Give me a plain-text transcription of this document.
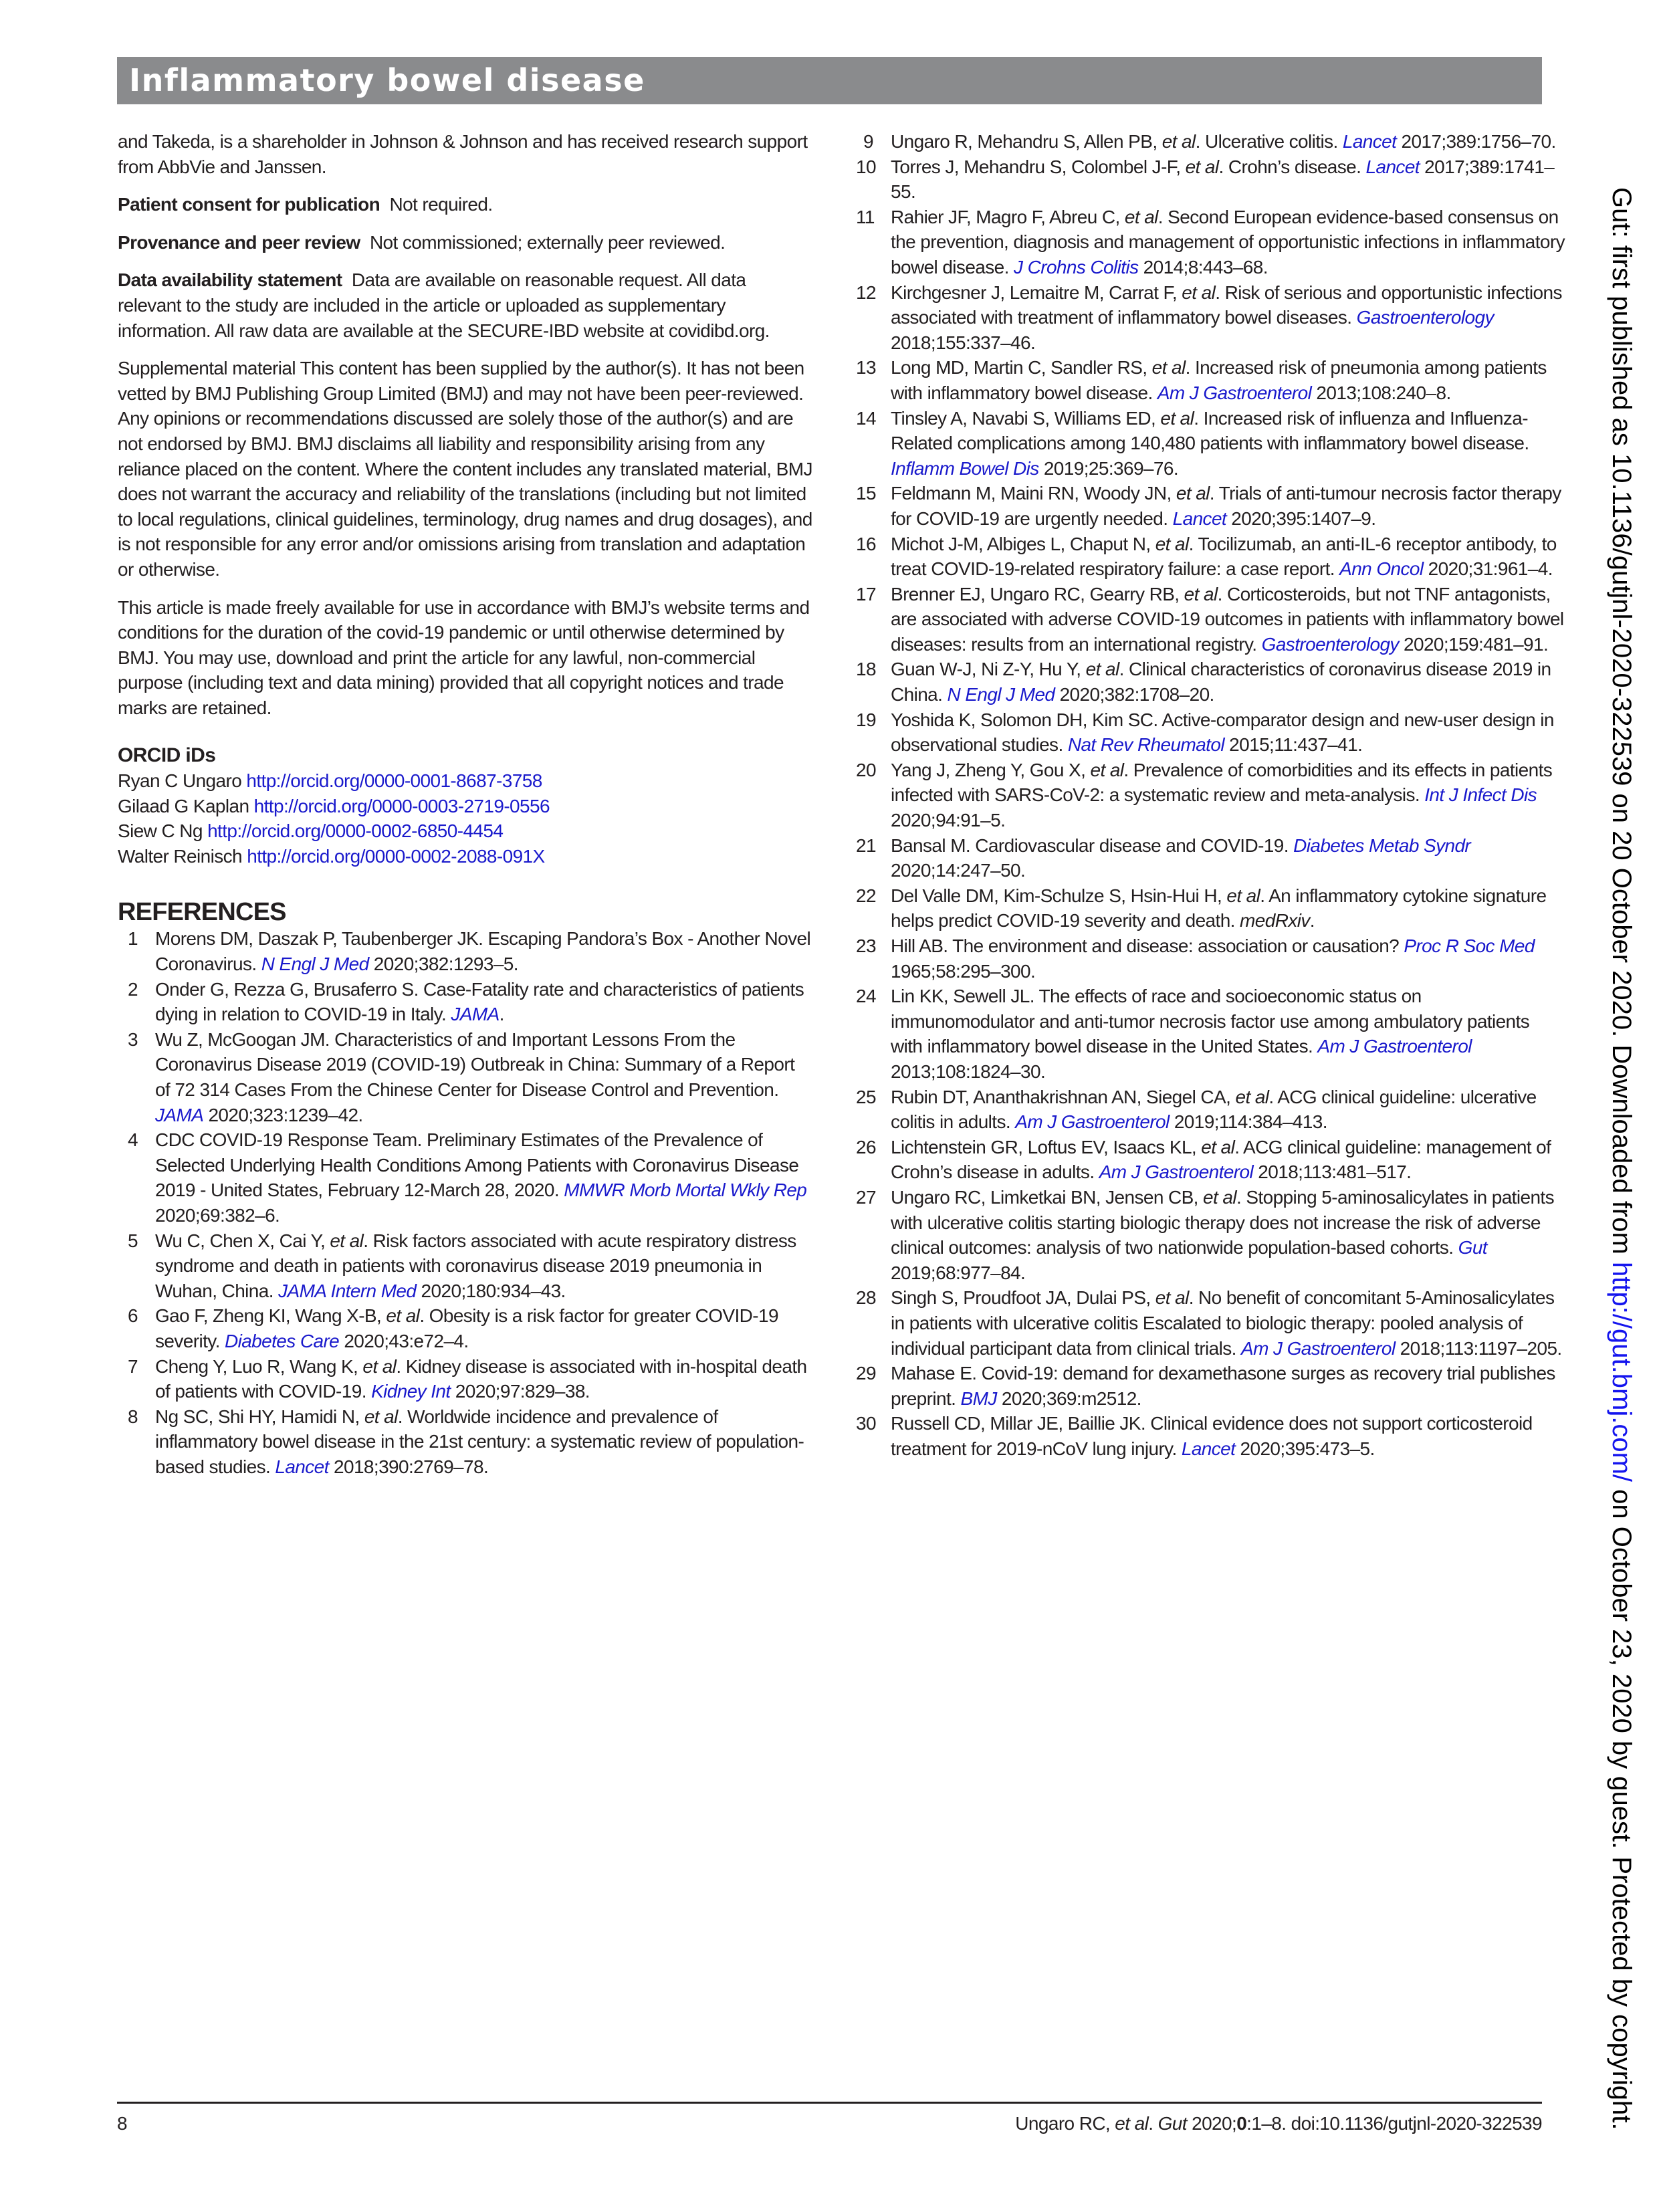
Inflammatory bowel disease

and Takeda, is a shareholder in Johnson & Johnson and has received research support from AbbVie and Janssen.

Patient consent for publication Not required.

Provenance and peer review Not commissioned; externally peer reviewed.

Data availability statement Data are available on reasonable request. All data relevant to the study are included in the article or uploaded as supplementary information. All raw data are available at the SECURE-IBD website at covidibd.org.

Supplemental material This content has been supplied by the author(s). It has not been vetted by BMJ Publishing Group Limited (BMJ) and may not have been peer-reviewed. Any opinions or recommendations discussed are solely those of the author(s) and are not endorsed by BMJ. BMJ disclaims all liability and responsibility arising from any reliance placed on the content. Where the content includes any translated material, BMJ does not warrant the accuracy and reliability of the translations (including but not limited to local regulations, clinical guidelines, terminology, drug names and drug dosages), and is not responsible for any error and/or omissions arising from translation and adaptation or otherwise.

This article is made freely available for use in accordance with BMJ’s website terms and conditions for the duration of the covid-19 pandemic or until otherwise determined by BMJ. You may use, download and print the article for any lawful, non-commercial purpose (including text and data mining) provided that all copyright notices and trade marks are retained.

ORCID iDs

Ryan C Ungaro http://orcid.org/0000-0001-8687-3758
Gilaad G Kaplan http://orcid.org/0000-0003-2719-0556
Siew C Ng http://orcid.org/0000-0002-6850-4454
Walter Reinisch http://orcid.org/0000-0002-2088-091X

REFERENCES

1 Morens DM, Daszak P, Taubenberger JK. Escaping Pandora’s Box - Another Novel Coronavirus. N Engl J Med 2020;382:1293–5.
2 Onder G, Rezza G, Brusaferro S. Case-Fatality rate and characteristics of patients dying in relation to COVID-19 in Italy. JAMA.
3 Wu Z, McGoogan JM. Characteristics of and Important Lessons From the Coronavirus Disease 2019 (COVID-19) Outbreak in China: Summary of a Report of 72 314 Cases From the Chinese Center for Disease Control and Prevention. JAMA 2020;323:1239–42.
4 CDC COVID-19 Response Team. Preliminary Estimates of the Prevalence of Selected Underlying Health Conditions Among Patients with Coronavirus Disease 2019 - United States, February 12-March 28, 2020. MMWR Morb Mortal Wkly Rep 2020;69:382–6.
5 Wu C, Chen X, Cai Y, et al. Risk factors associated with acute respiratory distress syndrome and death in patients with coronavirus disease 2019 pneumonia in Wuhan, China. JAMA Intern Med 2020;180:934–43.
6 Gao F, Zheng KI, Wang X-B, et al. Obesity is a risk factor for greater COVID-19 severity. Diabetes Care 2020;43:e72–4.
7 Cheng Y, Luo R, Wang K, et al. Kidney disease is associated with in-hospital death of patients with COVID-19. Kidney Int 2020;97:829–38.
8 Ng SC, Shi HY, Hamidi N, et al. Worldwide incidence and prevalence of inflammatory bowel disease in the 21st century: a systematic review of population-based studies. Lancet 2018;390:2769–78.
9 Ungaro R, Mehandru S, Allen PB, et al. Ulcerative colitis. Lancet 2017;389:1756–70.
10 Torres J, Mehandru S, Colombel J-F, et al. Crohn’s disease. Lancet 2017;389:1741–55.
11 Rahier JF, Magro F, Abreu C, et al. Second European evidence-based consensus on the prevention, diagnosis and management of opportunistic infections in inflammatory bowel disease. J Crohns Colitis 2014;8:443–68.
12 Kirchgesner J, Lemaitre M, Carrat F, et al. Risk of serious and opportunistic infections associated with treatment of inflammatory bowel diseases. Gastroenterology 2018;155:337–46.
13 Long MD, Martin C, Sandler RS, et al. Increased risk of pneumonia among patients with inflammatory bowel disease. Am J Gastroenterol 2013;108:240–8.
14 Tinsley A, Navabi S, Williams ED, et al. Increased risk of influenza and Influenza-Related complications among 140,480 patients with inflammatory bowel disease. Inflamm Bowel Dis 2019;25:369–76.
15 Feldmann M, Maini RN, Woody JN, et al. Trials of anti-tumour necrosis factor therapy for COVID-19 are urgently needed. Lancet 2020;395:1407–9.
16 Michot J-M, Albiges L, Chaput N, et al. Tocilizumab, an anti-IL-6 receptor antibody, to treat COVID-19-related respiratory failure: a case report. Ann Oncol 2020;31:961–4.
17 Brenner EJ, Ungaro RC, Gearry RB, et al. Corticosteroids, but not TNF antagonists, are associated with adverse COVID-19 outcomes in patients with inflammatory bowel diseases: results from an international registry. Gastroenterology 2020;159:481–91.
18 Guan W-J, Ni Z-Y, Hu Y, et al. Clinical characteristics of coronavirus disease 2019 in China. N Engl J Med 2020;382:1708–20.
19 Yoshida K, Solomon DH, Kim SC. Active-comparator design and new-user design in observational studies. Nat Rev Rheumatol 2015;11:437–41.
20 Yang J, Zheng Y, Gou X, et al. Prevalence of comorbidities and its effects in patients infected with SARS-CoV-2: a systematic review and meta-analysis. Int J Infect Dis 2020;94:91–5.
21 Bansal M. Cardiovascular disease and COVID-19. Diabetes Metab Syndr 2020;14:247–50.
22 Del Valle DM, Kim-Schulze S, Hsin-Hui H, et al. An inflammatory cytokine signature helps predict COVID-19 severity and death. medRxiv.
23 Hill AB. The environment and disease: association or causation? Proc R Soc Med 1965;58:295–300.
24 Lin KK, Sewell JL. The effects of race and socioeconomic status on immunomodulator and anti-tumor necrosis factor use among ambulatory patients with inflammatory bowel disease in the United States. Am J Gastroenterol 2013;108:1824–30.
25 Rubin DT, Ananthakrishnan AN, Siegel CA, et al. ACG clinical guideline: ulcerative colitis in adults. Am J Gastroenterol 2019;114:384–413.
26 Lichtenstein GR, Loftus EV, Isaacs KL, et al. ACG clinical guideline: management of Crohn’s disease in adults. Am J Gastroenterol 2018;113:481–517.
27 Ungaro RC, Limketkai BN, Jensen CB, et al. Stopping 5-aminosalicylates in patients with ulcerative colitis starting biologic therapy does not increase the risk of adverse clinical outcomes: analysis of two nationwide population-based cohorts. Gut 2019;68:977–84.
28 Singh S, Proudfoot JA, Dulai PS, et al. No benefit of concomitant 5-Aminosalicylates in patients with ulcerative colitis Escalated to biologic therapy: pooled analysis of individual participant data from clinical trials. Am J Gastroenterol 2018;113:1197–205.
29 Mahase E. Covid-19: demand for dexamethasone surges as recovery trial publishes preprint. BMJ 2020;369:m2512.
30 Russell CD, Millar JE, Baillie JK. Clinical evidence does not support corticosteroid treatment for 2019-nCoV lung injury. Lancet 2020;395:473–5.
8	Ungaro RC, et al. Gut 2020;0:1–8. doi:10.1136/gutjnl-2020-322539
Gut: first published as 10.1136/gutjnl-2020-322539 on 20 October 2020. Downloaded from http://gut.bmj.com/ on October 23, 2020 by guest. Protected by copyright.
